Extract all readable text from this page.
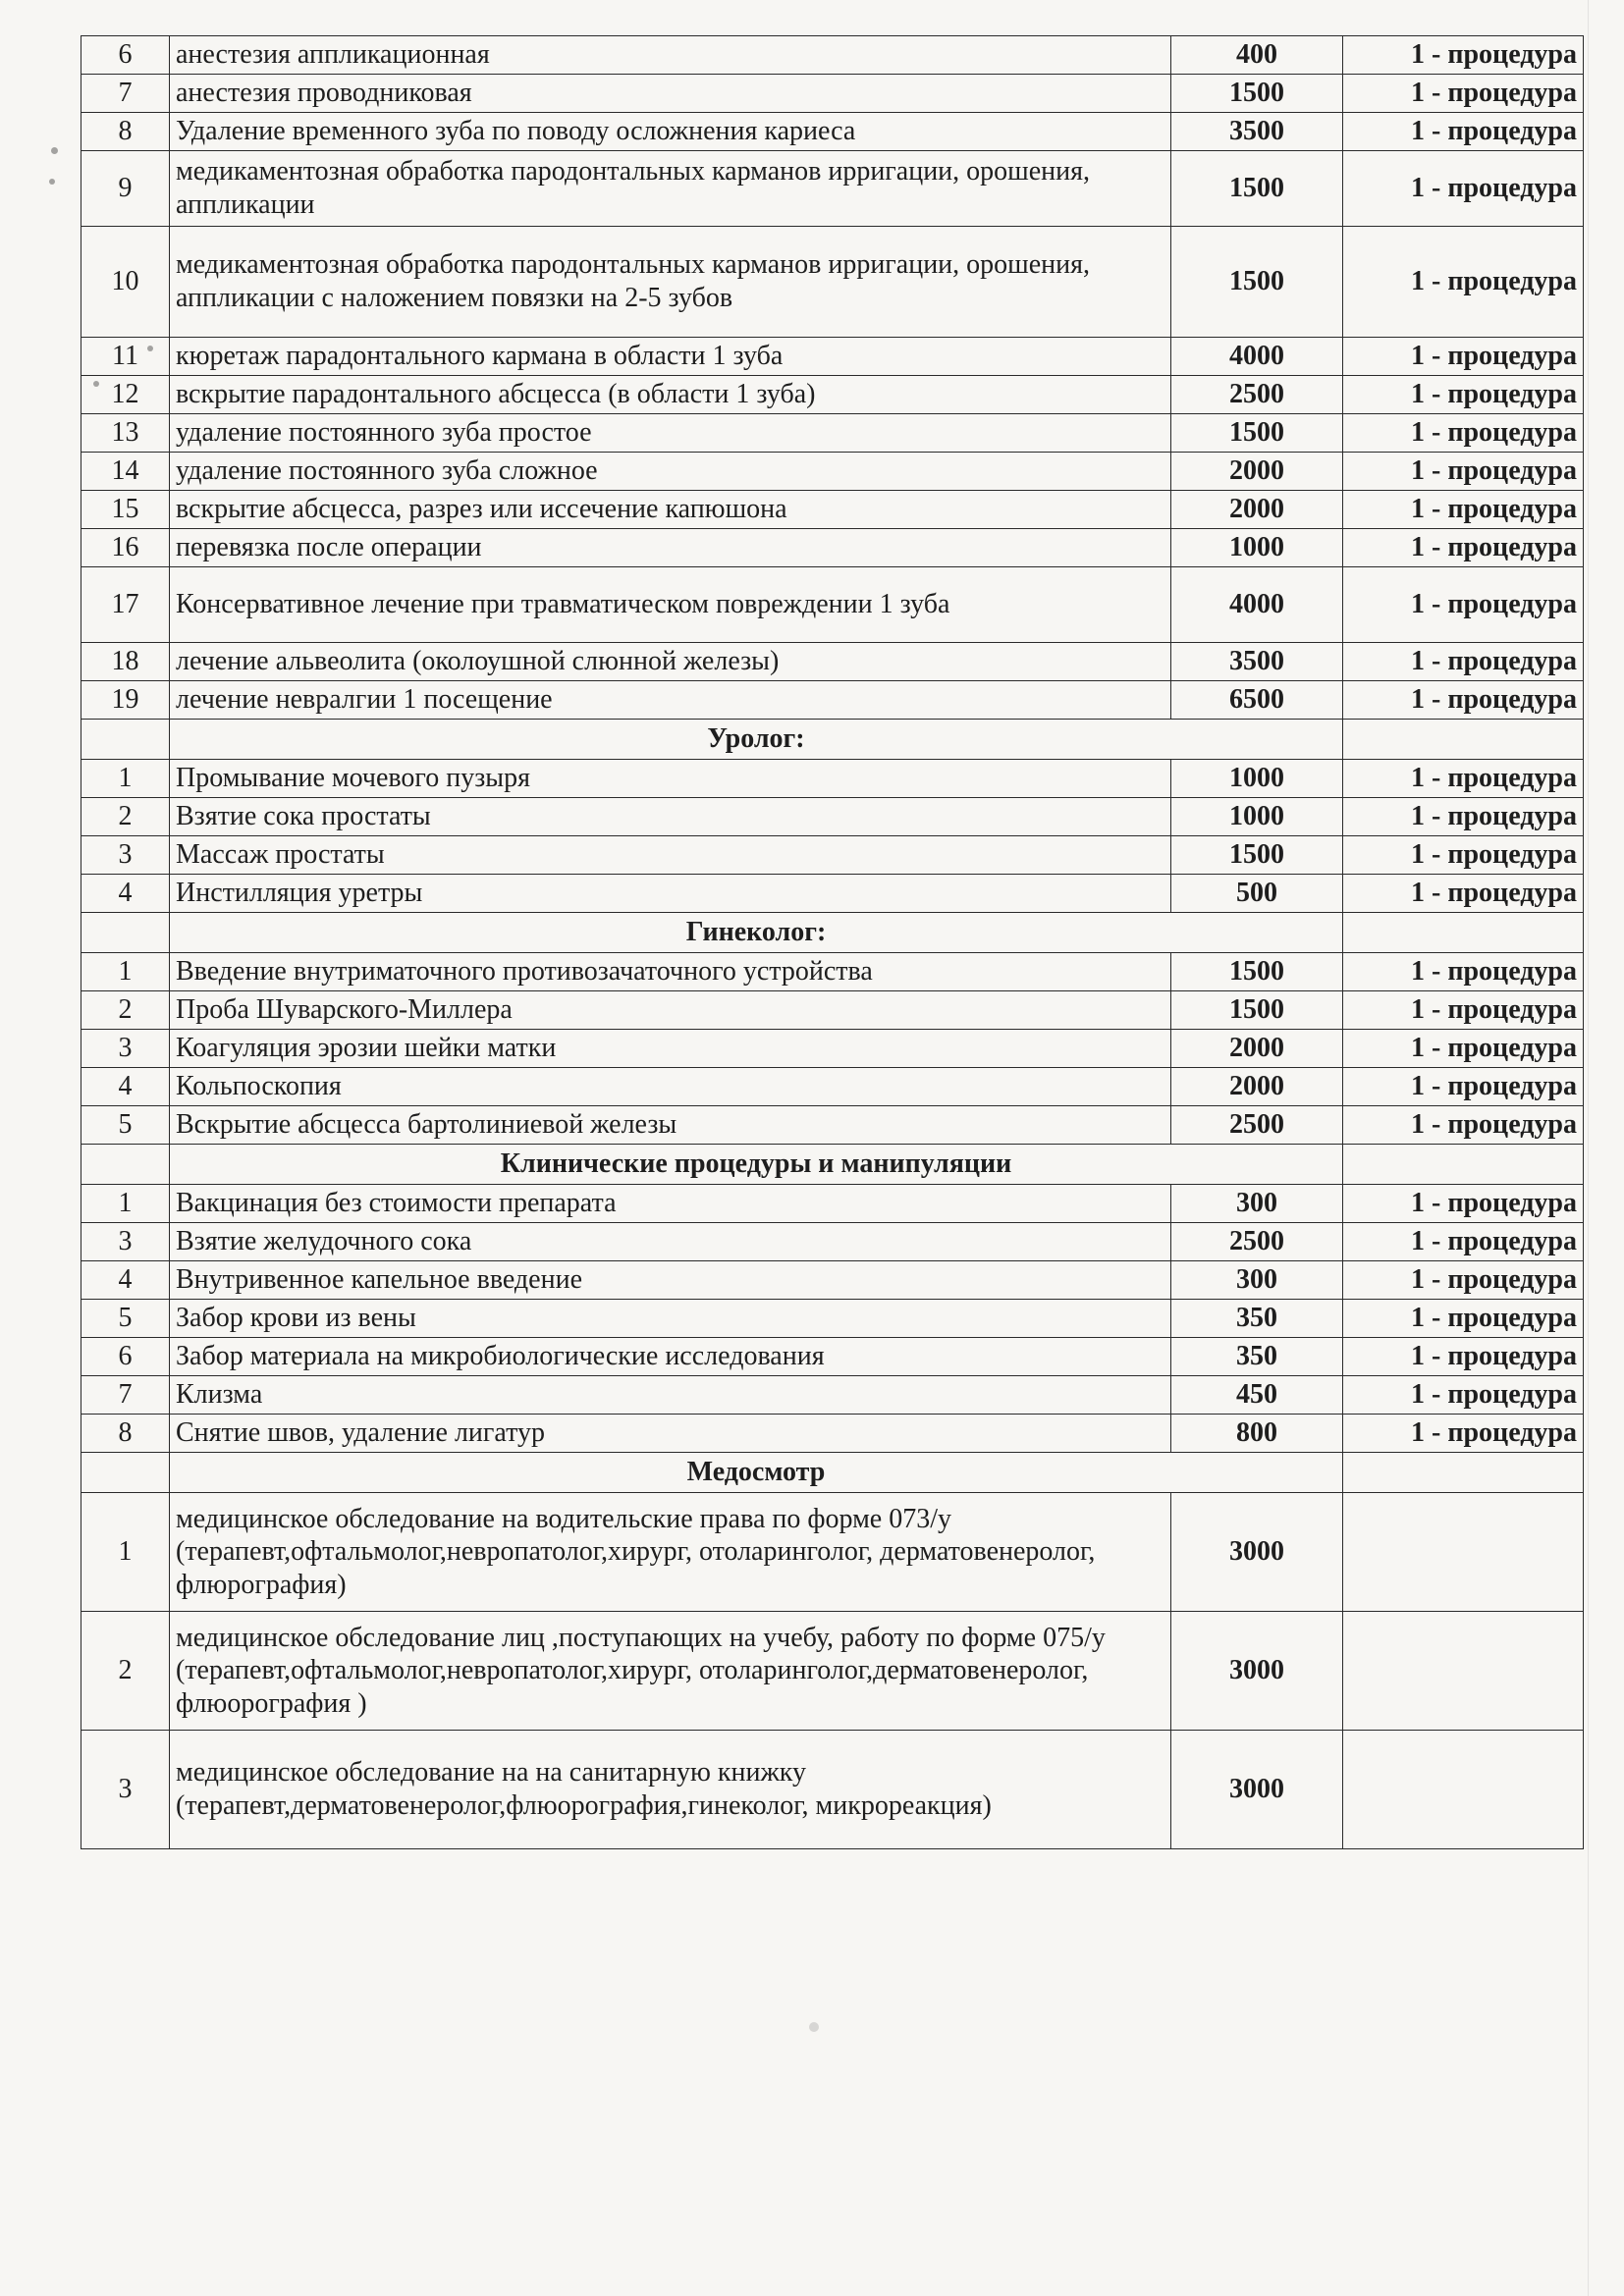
6	анестезия аппликационная	400	1 - процедура
7	анестезия проводниковая	1500	1 - процедура
8	Удаление временного зуба по поводу осложнения кариеса	3500	1 - процедура
9	медикаментозная обработка пародонтальных карманов ирригации, орошения, аппликации	1500	1 - процедура
10	медикаментозная обработка пародонтальных карманов ирригации, орошения, аппликации с наложением повязки на 2-5 зубов	1500	1 - процедура
11	кюретаж парадонтального кармана в области 1 зуба	4000	1 - процедура
12	вскрытие парадонтального абсцесса (в области 1 зуба)	2500	1 - процедура
13	удаление постоянного зуба простое	1500	1 - процедура
14	удаление постоянного зуба сложное	2000	1 - процедура
15	вскрытие абсцесса, разрез или иссечение капюшона	2000	1 - процедура
16	перевязка после операции	1000	1 - процедура
17	Консервативное лечение при травматическом повреждении 1 зуба	4000	1 - процедура
18	лечение альвеолита (околоушной слюнной железы)	3500	1 - процедура
19	лечение невралгии 1 посещение	6500	1 - процедура
	Уролог:		
1	Промывание мочевого пузыря	1000	1 - процедура
2	Взятие сока простаты	1000	1 - процедура
3	Массаж простаты	1500	1 - процедура
4	Инстилляция уретры	500	1 - процедура
	Гинеколог:		
1	Введение внутриматочного противозачаточного устройства	1500	1 - процедура
2	Проба Шуварского-Миллера	1500	1 - процедура
3	Коагуляция эрозии шейки матки	2000	1 - процедура
4	Кольпоскопия	2000	1 - процедура
5	Вскрытие абсцесса бартолиниевой железы	2500	1 - процедура
	Клинические процедуры и манипуляции		
1	Вакцинация без стоимости препарата	300	1 - процедура
3	Взятие желудочного сока	2500	1 - процедура
4	Внутривенное капельное введение	300	1 - процедура
5	Забор крови из вены	350	1 - процедура
6	Забор материала на микробиологические исследования	350	1 - процедура
7	Клизма	450	1 - процедура
8	Снятие швов, удаление лигатур	800	1 - процедура
	Медосмотр		
1	медицинское обследование на водительские права по форме 073/у (терапевт,офтальмолог,невропатолог,хирург, отоларинголог, дерматовенеролог, флюрография)	3000	
2	медицинское обследование лиц ,поступающих на учебу, работу по форме 075/у (терапевт,офтальмолог,невропатолог,хирург, отоларинголог,дерматовенеролог, флюорография )	3000	
3	медицинское обследование на на санитарную книжку (терапевт,дерматовенеролог,флюорография,гинеколог, микрореакция)	3000	
